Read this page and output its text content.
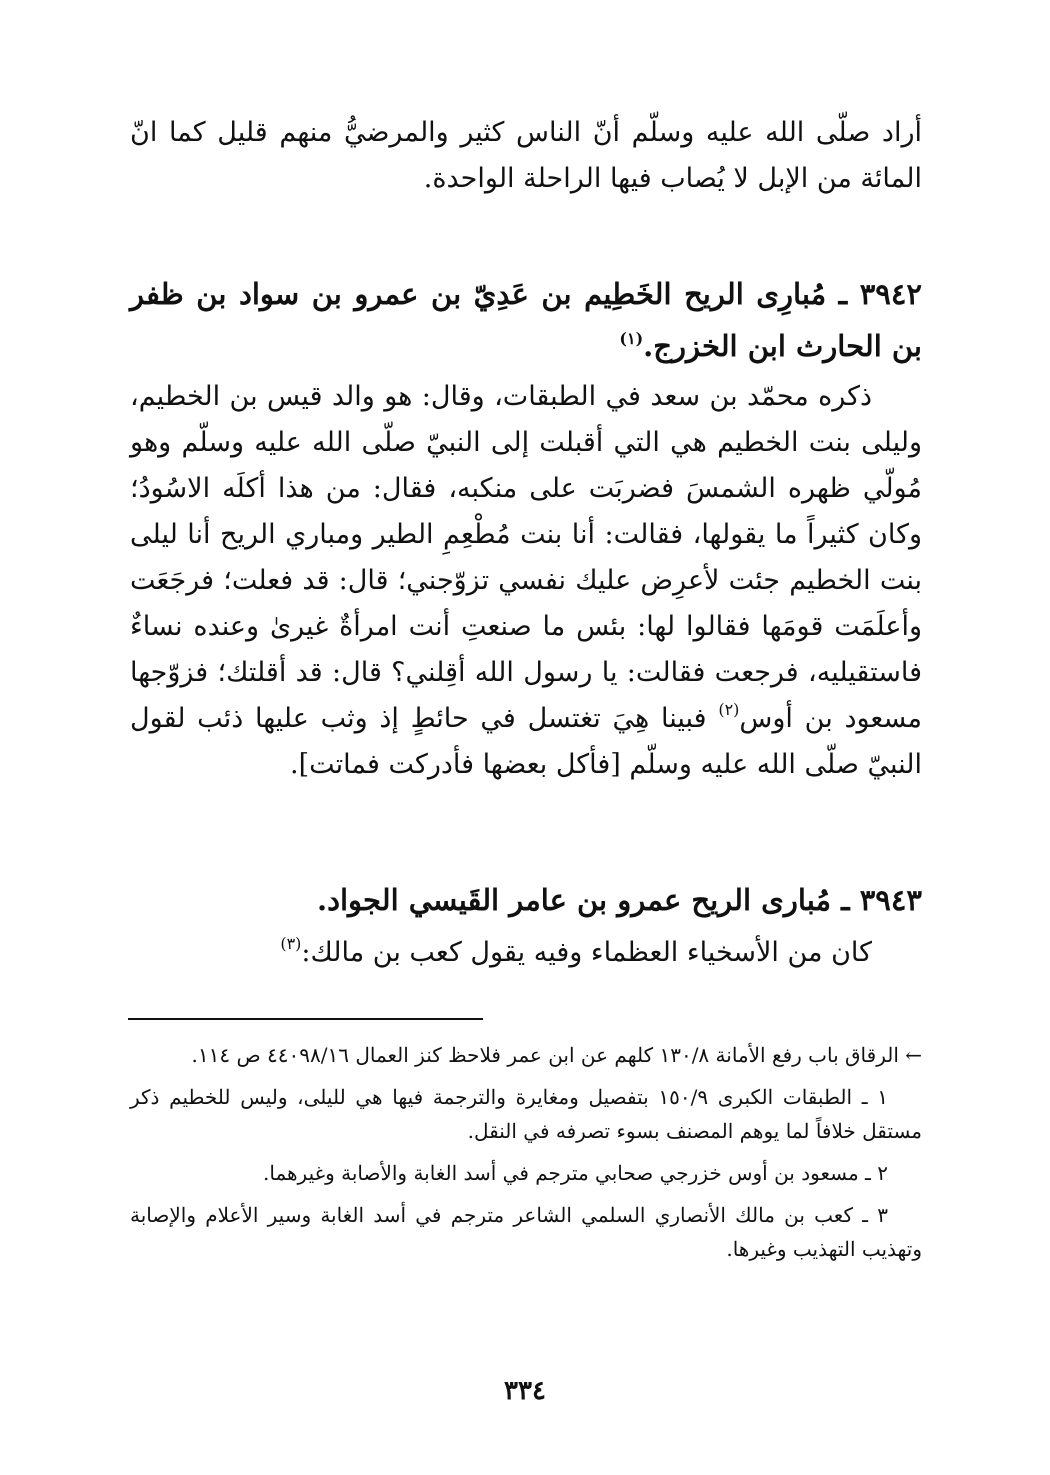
أراد صلّى الله عليه وسلّم أنّ الناس كثير والمرضيُّ منهم قليل كما انّ المائة من الإبل لا يُصاب فيها الراحلة الواحدة.

٣٩٤٢ ـ مُبارِى الريح الخَطِيم بن عَدِيّ بن عمرو بن سواد بن ظفر بن الحارث ابن الخزرج.$^{(١)}$

ذكره محمّد بن سعد في الطبقات، وقال: هو والد قيس بن الخطيم، وليلى بنت الخطيم هي التي أقبلت إلى النبيّ صلّى الله عليه وسلّم وهو مُولّي ظهره الشمسَ فضربَت على منكبه، فقال: من هذا أكلَه الاسُودُ؛ وكان كثيراً ما يقولها، فقالت: أنا بنت مُطْعِمِ الطير ومباري الريح أنا ليلى بنت الخطيم جئت لأعرِض عليك نفسي تزوّجني؛ قال: قد فعلت؛ فرجَعَت وأعلَمَت قومَها فقالوا لها: بئس ما صنعتِ أنت امرأةٌ غيرىٰ وعنده نساءٌ فاستقيليه، فرجعت فقالت: يا رسول الله أقِلني؟ قال: قد أقلتك؛ فزوّجها مسعود بن أوس$^{(٢)}$ فبينا هِيَ تغتسل في حائطٍ إذ وثب عليها ذئب لقول النبيّ صلّى الله عليه وسلّم [فأكل بعضها فأدركت فماتت].

٣٩٤٣ ـ مُبارى الريح عمرو بن عامر القَيسي الجواد.

كان من الأسخياء العظماء وفيه يقول كعب بن مالك:$^{(٣)}$

← الرقاق باب رفع الأمانة ١٣٠/٨ كلهم عن ابن عمر فلاحظ كنز العمال ٤٤٠٩٨/١٦ ص ١١٤.

١ ـ الطبقات الكبرى ١٥٠/٩ بتفصيل ومغايرة والترجمة فيها هي لليلى، وليس للخطيم ذكر مستقل خلافاً لما يوهم المصنف بسوء تصرفه في النقل.

٢ ـ مسعود بن أوس خزرجي صحابي مترجم في أسد الغابة والأصابة وغيرهما.

٣ ـ كعب بن مالك الأنصاري السلمي الشاعر مترجم في أسد الغابة وسير الأعلام والإصابة وتهذيب التهذيب وغيرها.

٣٣٤
